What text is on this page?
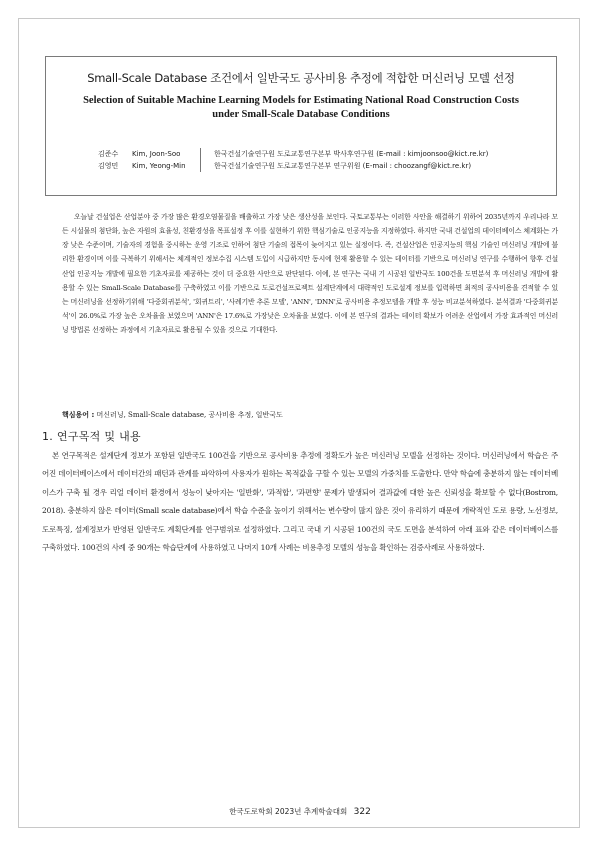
Small-Scale Database 조건에서 일반국도 공사비용 추정에 적합한 머신러닝 모델 선정
Selection of Suitable Machine Learning Models for Estimating National Road Construction Costs under Small-Scale Database Conditions
김준수	Kim, Joon-Soo
김영민	Kim, Yeong-Min
한국건설기술연구원 도로교통연구본부 박사후연구원 (E-mail : kimjoonsoo@kict.re.kr)
한국건설기술연구원 도로교통연구본부 연구위원 (E-mail : choozangf@kict.re.kr)
오늘날 건설업은 산업분야 중 가장 많은 환경오염물질을 배출하고 가장 낮은 생산성을 보인다. 국토교통부는 이러한 사안을 해결하기 위하여 2035년까지 우리나라 모든 시설물의 첨단화, 높은 자원의 효율성, 친환경성을 목표설정 후 이를 실현하기 위한 핵심기술로 인공지능을 지정하였다. 하지만 국내 건설업의 데이터베이스 체계화는 가장 낮은 수준이며, 기술자의 경험을 중시하는 운영 기조로 인하여 첨단 기술의 접목이 늦어지고 있는 실정이다. 즉, 건설산업은 인공지능의 핵심 기술인 머신러닝 개발에 불리한 환경이며 이를 극복하기 위해서는 체계적인 정보수집 시스템 도입이 시급하지만 동시에 현재 활용할 수 있는 데이터를 기반으로 머신러닝 연구를 수행하여 향후 건설산업 인공지능 개발에 필요한 기초자료를 제공하는 것이 더 중요한 사안으로 판단된다. 이에, 본 연구는 국내 기 시공된 일반국도 100건을 도면분석 후 머신러닝 개발에 활용할 수 있는 Small-Scale Database를 구축하였고 이를 기반으로 도로건설프로젝트 설계단계에서 대략적인 도로설계 정보를 입력하면 최적의 공사비용을 견적할 수 있는 머신러닝을 선정하기위해 '다중회귀분석', '회귀트리', '사례기반 추론 모델', 'ANN', 'DNN'로 공사비용 추정모델을 개발 후 성능 비교분석하였다. 분석결과 '다중회귀분석'이 26.0%로 가장 높은 오차율을 보였으며 'ANN'은 17.6%로 가장낮은 오차율을 보였다. 이에 본 연구의 결과는 데이터 확보가 어려운 산업에서 가장 효과적인 머신러닝 방법론 선정하는 과정에서 기초자료로 활용될 수 있을 것으로 기대한다.
핵심용어 : 머신러닝, Small-Scale database, 공사비용 추정, 일반국도
1. 연구목적 및 내용
본 연구목적은 설계단계 정보가 포함된 일반국도 100건을 기반으로 공사비용 추정에 정확도가 높은 머신러닝 모델을 선정하는 것이다. 머신러닝에서 학습은 주어진 데이터베이스에서 데이터간의 패턴과 관계를 파악하여 사용자가 원하는 목적값을 구할 수 있는 모델의 가중치를 도출한다. 만약 학습에 충분하지 않는 데이터베이스가 구축 될 경우 리얼 데이터 환경에서 성능이 낮아지는 '일반화', '과적합', '과편향' 문제가 발생되어 결과값에 대한 높은 신뢰성을 확보할 수 없다(Bostrom, 2018). 충분하지 않은 데이터(Small scale database)에서 학습 수준을 높이기 위해서는 변수량이 많지 않은 것이 유리하기 때문에 개략적인 도로 용량, 노선정보, 도로특징, 설계정보가 반영된 일반국도 계획단계를 연구범위로 설정하였다. 그리고 국내 기 시공된 100건의 국도 도면을 분석하여 아래 표와 같은 데이터베이스를 구축하였다. 100건의 사례 중 90개는 학습단계에 사용하였고 나머지 10개 사례는 비용추정 모델의 성능을 확인하는 검증사례로 사용하였다.
한국도로학회 2023년 추계학술대회 322
